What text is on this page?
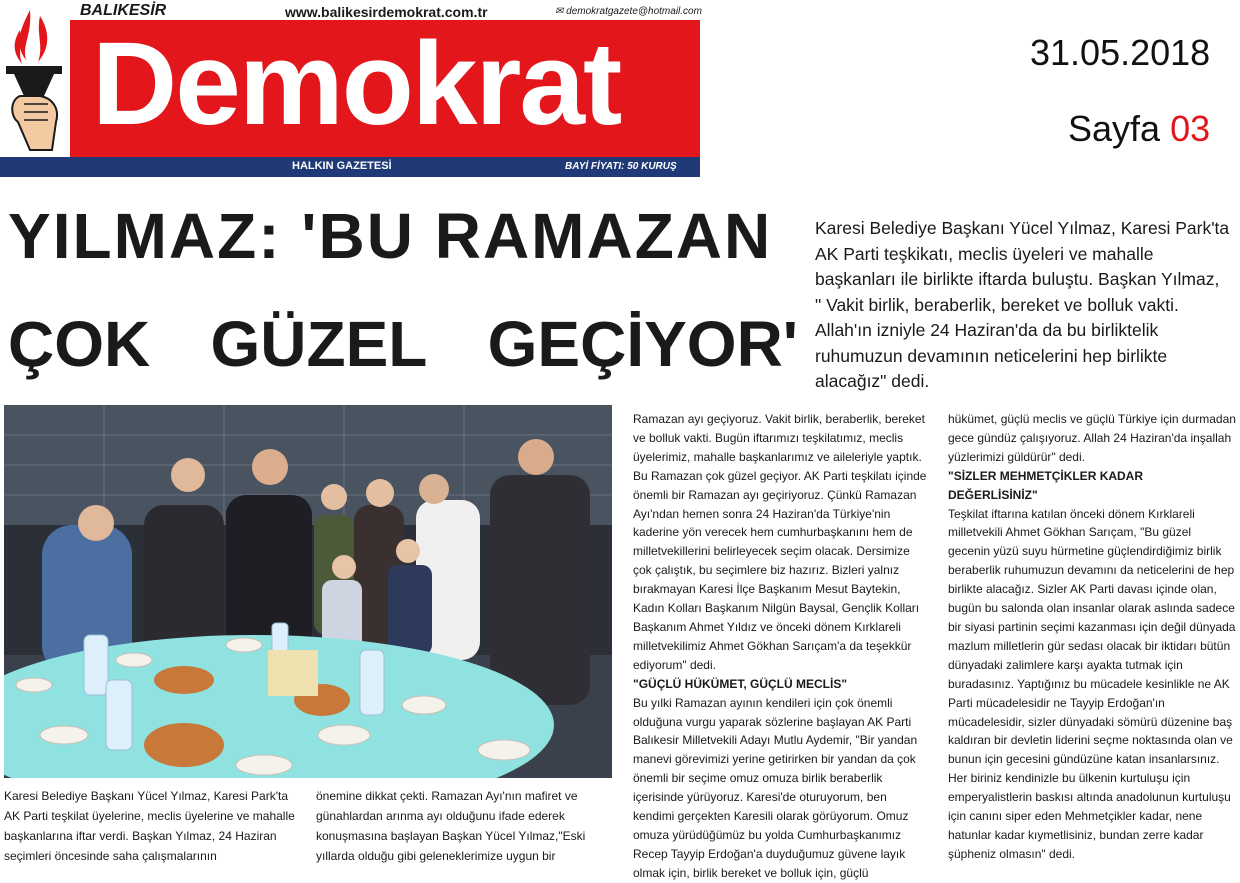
BALIKESİR	www.balikesirdemokrat.com.tr	✉ demokratgazete@hotmail.com
Demokrat
HALKIN GAZETESİ	BAYİ FİYATI: 50 KURUŞ
31.05.2018
Sayfa 03
YILMAZ: 'BU RAMAZAN
ÇOK GÜZEL GEÇİYOR'
Karesi Belediye Başkanı Yücel Yılmaz, Karesi Park'ta AK Parti teşkikatı, meclis üyeleri ve mahalle başkanları ile birlikte iftarda buluştu. Başkan Yılmaz, " Vakit birlik, beraberlik, bereket ve bolluk vakti. Allah'ın izniyle 24 Haziran'da da bu birliktelik ruhumuzun devamının neticelerini hep birlikte alacağız" dedi.
Karesi Belediye Başkanı Yücel Yılmaz, Karesi Park'ta AK Parti teşkilat üyelerine, meclis üyelerine ve mahalle başkanlarına iftar verdi. Başkan Yılmaz, 24 Haziran seçimleri öncesinde saha çalışmalarının
önemine dikkat çekti. Ramazan Ayı'nın mafiret ve günahlardan arınma ayı olduğunu ifade ederek konuşmasına başlayan Başkan Yücel Yılmaz,"Eski yıllarda olduğu gibi geleneklerimize uygun bir

Ramazan ayı geçiyoruz. Vakit birlik, beraberlik, bereket ve bolluk vakti. Bugün iftarımızı teşkilatımız, meclis üyelerimiz, mahalle başkanlarımız ve aileleriyle yaptık. Bu Ramazan çok güzel geçiyor. AK Parti teşkilatı içinde önemli bir Ramazan ayı geçiriyoruz. Çünkü Ramazan Ayı'ndan hemen sonra 24 Haziran'da Türkiye'nin kaderine yön verecek hem cumhurbaşkanını hem de milletvekillerini belirleyecek seçim olacak. Dersimize çok çalıştık, bu seçimlere biz hazırız. Bizleri yalnız bırakmayan Karesi İlçe Başkanım Mesut Baytekin, Kadın Kolları Başkanım Nilgün Baysal, Gençlik Kolları Başkanım Ahmet Yıldız ve önceki dönem Kırklareli milletvekilimiz Ahmet Gökhan Sarıçam'a da teşekkür ediyorum" dedi.

"GÜÇLÜ HÜKÜMET, GÜÇLÜ MECLİS"

Bu yılki Ramazan ayının kendileri için çok önemli olduğuna vurgu yaparak sözlerine başlayan AK Parti Balıkesir Milletvekili Adayı Mutlu Aydemir, "Bir yandan manevi görevimizi yerine getirirken bir yandan da çok önemli bir seçime omuz omuza birlik beraberlik içerisinde yürüyoruz. Karesi'de oturuyorum, ben kendimi gerçekten Karesili olarak görüyorum. Omuz omuza yürüdüğümüz bu yolda Cumhurbaşkanımız Recep Tayyip Erdoğan'a duyduğumuz güvene layık olmak için, birlik bereket ve bolluk için, güçlü

hükümet, güçlü meclis ve güçlü Türkiye için durmadan gece gündüz çalışıyoruz. Allah 24 Haziran'da inşallah yüzlerimizi güldürür" dedi.

"SİZLER MEHMETÇİKLER KADAR DEĞERLİSİNİZ"

Teşkilat iftarına katılan önceki dönem Kırklareli milletvekili Ahmet Gökhan Sarıçam, "Bu güzel gecenin yüzü suyu hürmetine güçlendirdiğimiz birlik beraberlik ruhumuzun devamını da neticelerini de hep birlikte alacağız. Sizler AK Parti davası içinde olan, bugün bu salonda olan insanlar olarak aslında sadece bir siyasi partinin seçimi kazanması için değil dünyada mazlum milletlerin gür sedası olacak bir iktidarı bütün dünyadaki zalimlere karşı ayakta tutmak için buradasınız. Yaptığınız bu mücadele kesinlikle ne AK Parti mücadelesidir ne Tayyip Erdoğan'ın mücadelesidir, sizler dünyadaki sömürü düzenine baş kaldıran bir devletin liderini seçme noktasında olan ve bunun için gecesini gündüzüne katan insanlarsınız. Her biriniz kendinizle bu ülkenin kurtuluşu için emperyalistlerin baskısı altında anadolunun kurtuluşu için canını siper eden Mehmetçikler kadar, nene hatunlar kadar kıymetlisiniz, bundan zerre kadar şüpheniz olmasın" dedi.
